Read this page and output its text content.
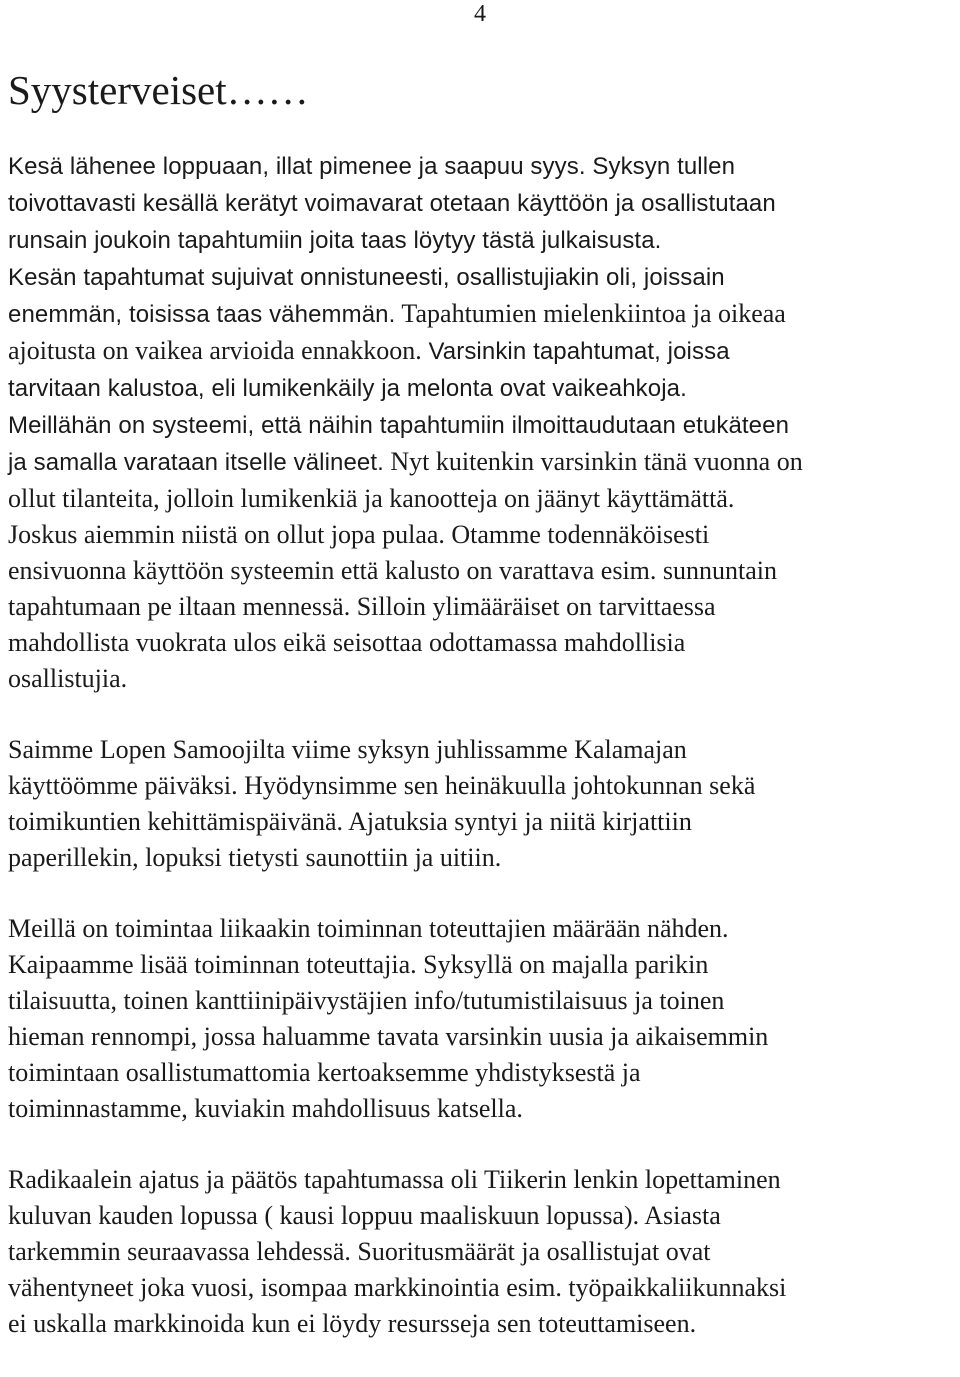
4
Syysterveiset……

Kesä lähenee loppuaan, illat pimenee ja saapuu syys. Syksyn tullen
toivottavasti kesällä kerätyt voimavarat otetaan käyttöön ja osallistutaan
runsain joukoin tapahtumiin joita taas löytyy tästä julkaisusta.
Kesän tapahtumat sujuivat onnistuneesti, osallistujiakin oli, joissain
enemmän, toisissa taas vähemmän. Tapahtumien mielenkiintoa ja oikeaa
ajoitusta on vaikea arvioida ennakkoon. Varsinkin tapahtumat, joissa
tarvitaan kalustoa, eli lumikenkäily ja melonta ovat vaikeahkoja.
Meillähän on systeemi, että näihin tapahtumiin ilmoittaudutaan etukäteen
ja samalla varataan itselle välineet. Nyt kuitenkin varsinkin tänä vuonna on
ollut tilanteita, jolloin lumikenkiä ja kanootteja on jäänyt käyttämättä.
Joskus aiemmin niistä on ollut jopa pulaa. Otamme todennäköisesti
ensivuonna käyttöön systeemin että kalusto on varattava esim. sunnuntain
tapahtumaan pe iltaan mennessä. Silloin ylimääräiset on tarvittaessa
mahdollista vuokrata ulos eikä seisottaa odottamassa mahdollisia
osallistujia.

Saimme Lopen Samoojilta viime syksyn juhlissamme Kalamajan
käyttöömme päiväksi. Hyödynsimme sen heinäkuulla johtokunnan sekä
toimikuntien kehittämispäivänä. Ajatuksia syntyi ja niitä kirjattiin
paperillekin, lopuksi tietysti saunottiin ja uitiin.

Meillä on toimintaa liikaakin toiminnan toteuttajien määrään nähden.
Kaipaamme lisää toiminnan toteuttajia. Syksyllä on majalla parikin
tilaisuutta, toinen kanttiinipäivystäjien info/tutumistilaisuus ja toinen
hieman rennompi, jossa haluamme tavata varsinkin uusia ja aikaisemmin
toimintaan osallistumattomia kertoaksemme yhdistyksestä ja
toiminnastamme, kuviakin mahdollisuus katsella.

Radikaalein ajatus ja päätös tapahtumassa oli Tiikerin lenkin lopettaminen
kuluvan kauden lopussa ( kausi loppuu maaliskuun lopussa). Asiasta
tarkemmin seuraavassa lehdessä. Suoritusmäärät ja osallistujat ovat
vähentyneet joka vuosi, isompaa markkinointia esim. työpaikkaliikunnaksi
ei uskalla markkinoida kun ei löydy resursseja sen toteuttamiseen.
